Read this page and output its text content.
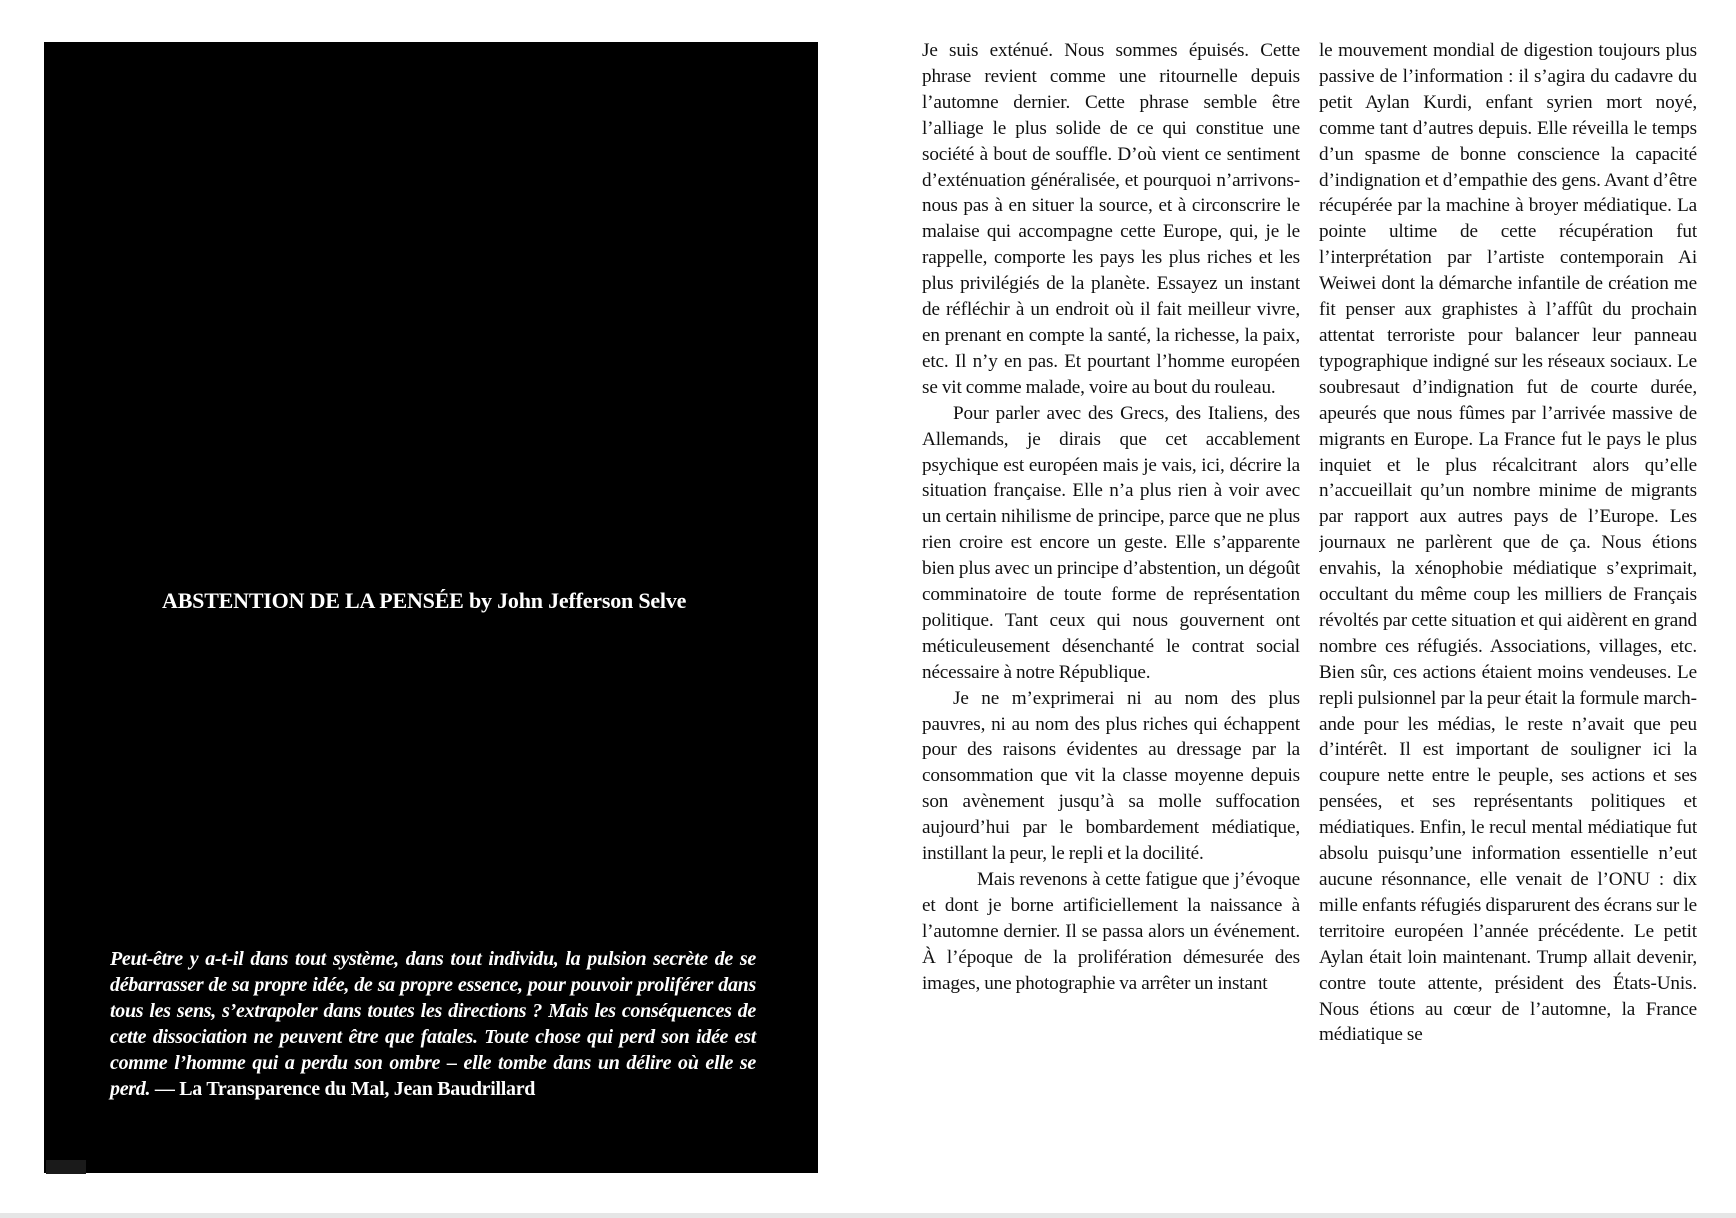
ABSTENTION DE LA PENSÉE by John Jefferson Selve
Peut-être y a-t-il dans tout système, dans tout individu, la pulsion secrète de se débarrasser de sa propre idée, de sa propre essence, pour pouvoir proliférer dans tous les sens, s’extrapoler dans toutes les directions ? Mais les conséquences de cette dissociation ne peuvent être que fatales. Toute chose qui perd son idée est comme l’homme qui a perdu son ombre – elle tombe dans un délire où elle se perd. — La Transparence du Mal, Jean Baudrillard

Je suis exténué. Nous sommes épuisés. Cette phrase revient comme une ritournelle depuis l’automne dernier. Cette phrase semble être l’alliage le plus solide de ce qui constitue une société à bout de souffle. D’où vient ce sentiment d’exténuation généralisée, et pourquoi n’arrivons-nous pas à en situer la source, et à circonscrire le malaise qui accompagne cette Europe, qui, je le rappelle, comporte les pays les plus riches et les plus privilégiés de la planète. Essayez un instant de réfléchir à un endroit où il fait meilleur vivre, en prenant en compte la santé, la richesse, la paix, etc. Il n’y en pas. Et pourtant l’homme européen se vit comme malade, voire au bout du rouleau.

Pour parler avec des Grecs, des Italiens, des Allemands, je dirais que cet accablement psychique est européen mais je vais, ici, décrire la situation française. Elle n’a plus rien à voir avec un certain nihilisme de principe, parce que ne plus rien croire est encore un geste. Elle s’apparente bien plus avec un principe d’abstention, un dégoût comminatoire de toute forme de représentation politique. Tant ceux qui nous gouvernent ont méticuleusement désenchanté le contrat social nécessaire à notre République.

Je ne m’exprimerai ni au nom des plus pauvres, ni au nom des plus riches qui échappent pour des raisons évidentes au dressage par la consommation que vit la classe moyenne depuis son avènement jusqu’à sa molle suffocation aujourd’hui par le bombardement médiatique, instillant la peur, le repli et la docilité.

Mais revenons à cette fatigue que j’évoque et dont je borne artificiellement la naissance à l’automne dernier. Il se passa alors un événement. À l’époque de la prolifération démesurée des images, une photographie va arrêter un instant

le mouvement mondial de digestion toujours plus passive de l’information : il s’agira du cadavre du petit Aylan Kurdi, enfant syrien mort noyé, comme tant d’autres depuis. Elle réveilla le temps d’un spasme de bonne conscience la capacité d’indignation et d’empathie des gens. Avant d’être récupérée par la machine à broyer médiatique. La pointe ultime de cette récupération fut l’interprétation par l’artiste contemporain Ai Weiwei dont la démarche infantile de création me fit penser aux graphistes à l’affût du prochain attentat terroriste pour balancer leur panneau typographique indigné sur les réseaux sociaux. Le soubresaut d’indignation fut de courte durée, apeurés que nous fûmes par l’arrivée massive de migrants en Europe. La France fut le pays le plus inquiet et le plus récalcitrant alors qu’elle n’accueillait qu’un nombre minime de migrants par rapport aux autres pays de l’Europe. Les journaux ne parlèrent que de ça. Nous étions envahis, la xénophobie médiatique s’exprimait, occultant du même coup les milliers de Français révoltés par cette situation et qui aidèrent en grand nombre ces réfugiés. Associations, villages, etc. Bien sûr, ces actions étaient moins vendeuses. Le repli pulsionnel par la peur était la formule marchande pour les médias, le reste n’avait que peu d’intérêt. Il est important de souligner ici la coupure nette entre le peuple, ses actions et ses pensées, et ses représentants politiques et médiatiques. Enfin, le recul mental médiatique fut absolu puisqu’une information essentielle n’eut aucune résonnance, elle venait de l’ONU : dix mille enfants réfugiés disparurent des écrans sur le territoire européen l’année précédente. Le petit Aylan était loin maintenant. Trump allait devenir, contre toute attente, président des États-Unis. Nous étions au cœur de l’automne, la France médiatique se
